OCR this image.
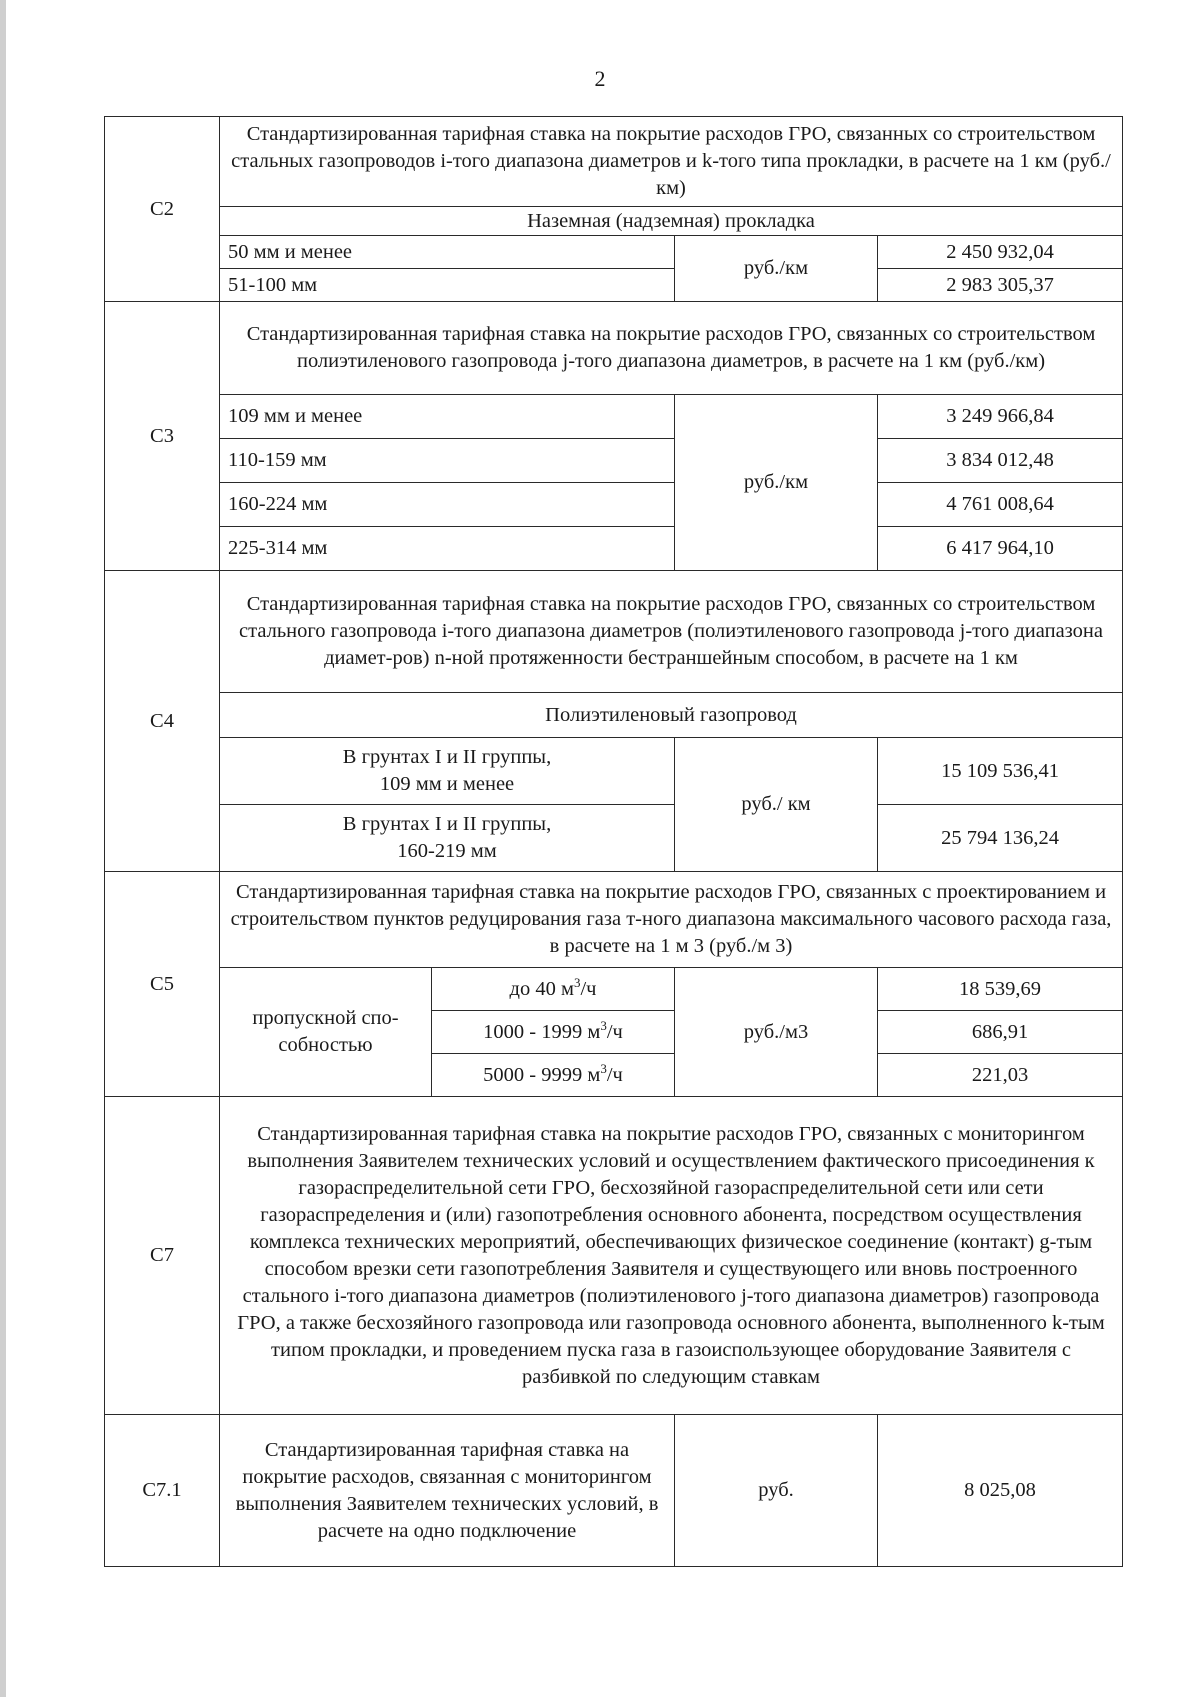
2
С2	Стандартизированная тарифная ставка на покрытие расходов ГРО, связанных со строительством стальных газопроводов i-того диапазона диаметров и k-того типа прокладки, в расчете на 1 км (руб./км)			
	Наземная (надземная) прокладка			
	50 мм и менее		руб./км	2 450 932,04
	51-100 мм			2 983 305,37
С3	Стандартизированная тарифная ставка на покрытие расходов ГРО, связанных со строительством полиэтиленового газопровода j-того диапазона диаметров, в расчете на 1 км (руб./км)			
	109 мм и менее		руб./км	3 249 966,84
	110-159 мм			3 834 012,48
	160-224 мм			4 761 008,64
	225-314 мм			6 417 964,10
С4	Стандартизированная тарифная ставка на покрытие расходов ГРО, связанных со строительством стального газопровода i-того диапазона диаметров (полиэтиленового газопровода j-того диапазона диамет-ров) n-ной протяженности бестраншейным способом, в расчете на 1 км			
	Полиэтиленовый газопровод			

	В грунтах I и II группы,
109 мм и менее		руб./ км	15 109 536,41

	В грунтах I и II группы,
160-219 мм			25 794 136,24
С5	Стандартизированная тарифная ставка на покрытие расходов ГРО, связанных с проектированием и строительством пунктов редуцирования газа т-ного диапазона максимального часового расхода газа, в расчете на 1 м 3 (руб./м 3)			
	пропускной спо-собностью	до 40 $м^3/ч$	руб./м3	18 539,69
		1000 - 1999 $м^3/ч$		686,91
		5000 - 9999 $м^3/ч$		221,03
С7	Стандартизированная тарифная ставка на покрытие расходов ГРО, связанных с мониторингом выполнения Заявителем технических условий и осуществлением фактического присоединения к газораспределительной сети ГРО, бесхозяйной газораспределительной сети или сети газораспределения и (или) газопотребления основного абонента, посредством осуществления комплекса технических мероприятий, обеспечивающих физическое соединение (контакт) g-тым способом врезки сети газопотребления Заявителя и существующего или вновь построенного стального i-того диапазона диаметров (полиэтиленового j-того диапазона диаметров) газопровода ГРО, а также бесхозяйного газопровода или газопровода основного абонента, выполненного k-тым типом прокладки, и проведением пуска газа в газоиспользующее оборудование Заявителя с разбивкой по следующим ставкам			
С7.1	Стандартизированная тарифная ставка на покрытие расходов, связанная с мониторингом выполнения Заявителем технических условий, в расчете на одно подключение		руб.	8 025,08
